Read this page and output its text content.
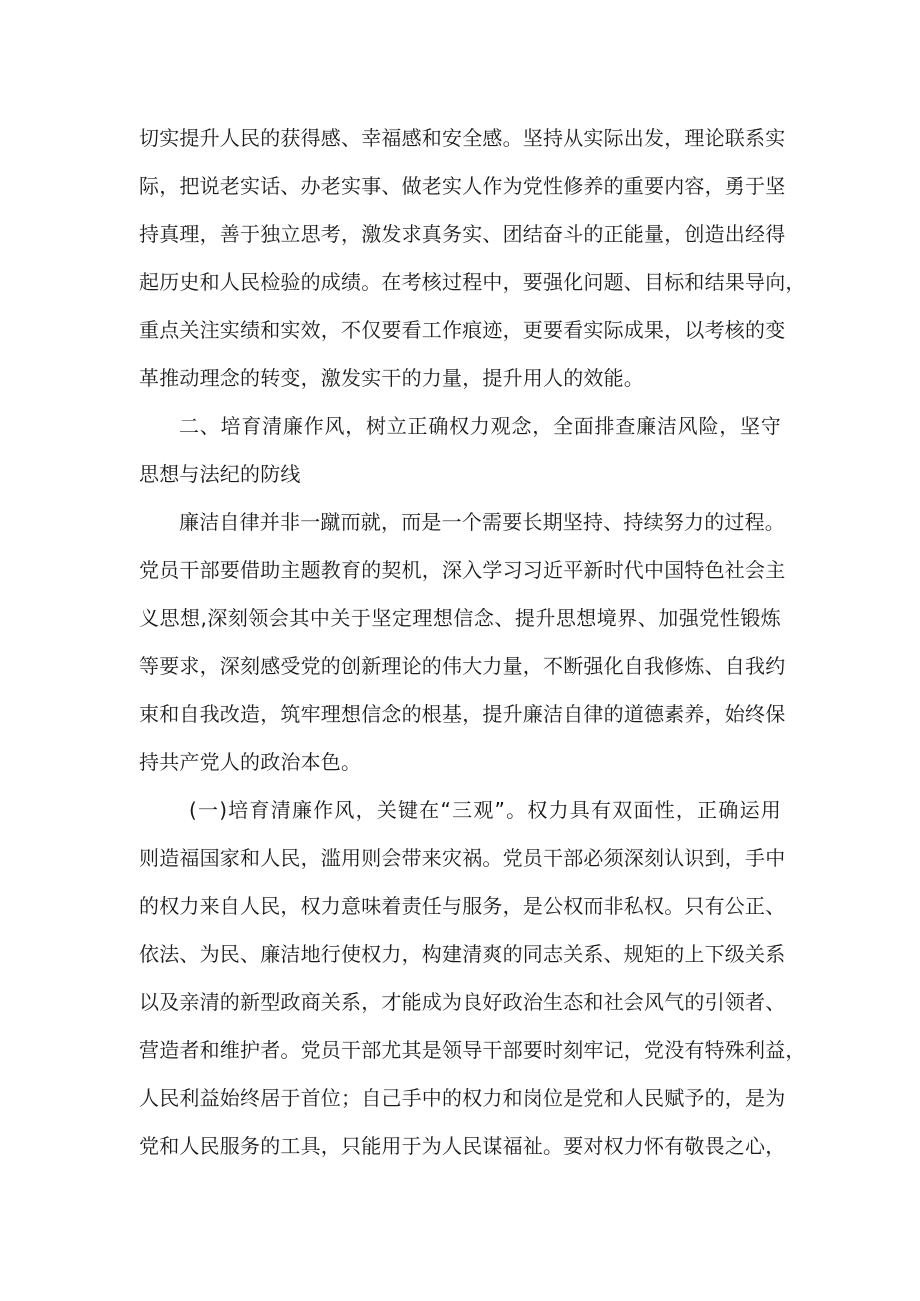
切实提升人民的获得感、幸福感和安全感。坚持从实际出发，理论联系实
际，把说老实话、办老实事、做老实人作为党性修养的重要内容，勇于坚
持真理，善于独立思考，激发求真务实、团结奋斗的正能量，创造出经得
起历史和人民检验的成绩。在考核过程中，要强化问题、目标和结果导向，
重点关注实绩和实效，不仅要看工作痕迹，更要看实际成果，以考核的变
革推动理念的转变，激发实干的力量，提升用人的效能。
二、培育清廉作风，树立正确权力观念，全面排查廉洁风险，坚守
思想与法纪的防线
廉洁自律并非一蹴而就，而是一个需要长期坚持、持续努力的过程。
党员干部要借助主题教育的契机，深入学习习近平新时代中国特色社会主
义思想,深刻领会其中关于坚定理想信念、提升思想境界、加强党性锻炼
等要求，深刻感受党的创新理论的伟大力量，不断强化自我修炼、自我约
束和自我改造，筑牢理想信念的根基，提升廉洁自律的道德素养，始终保
持共产党人的政治本色。
(一)培育清廉作风，关键在“三观”。权力具有双面性，正确运用
则造福国家和人民，滥用则会带来灾祸。党员干部必须深刻认识到，手中
的权力来自人民，权力意味着责任与服务，是公权而非私权。只有公正、
依法、为民、廉洁地行使权力，构建清爽的同志关系、规矩的上下级关系
以及亲清的新型政商关系，才能成为良好政治生态和社会风气的引领者、
营造者和维护者。党员干部尤其是领导干部要时刻牢记，党没有特殊利益，
人民利益始终居于首位；自己手中的权力和岗位是党和人民赋予的，是为
党和人民服务的工具，只能用于为人民谋福祉。要对权力怀有敬畏之心，
